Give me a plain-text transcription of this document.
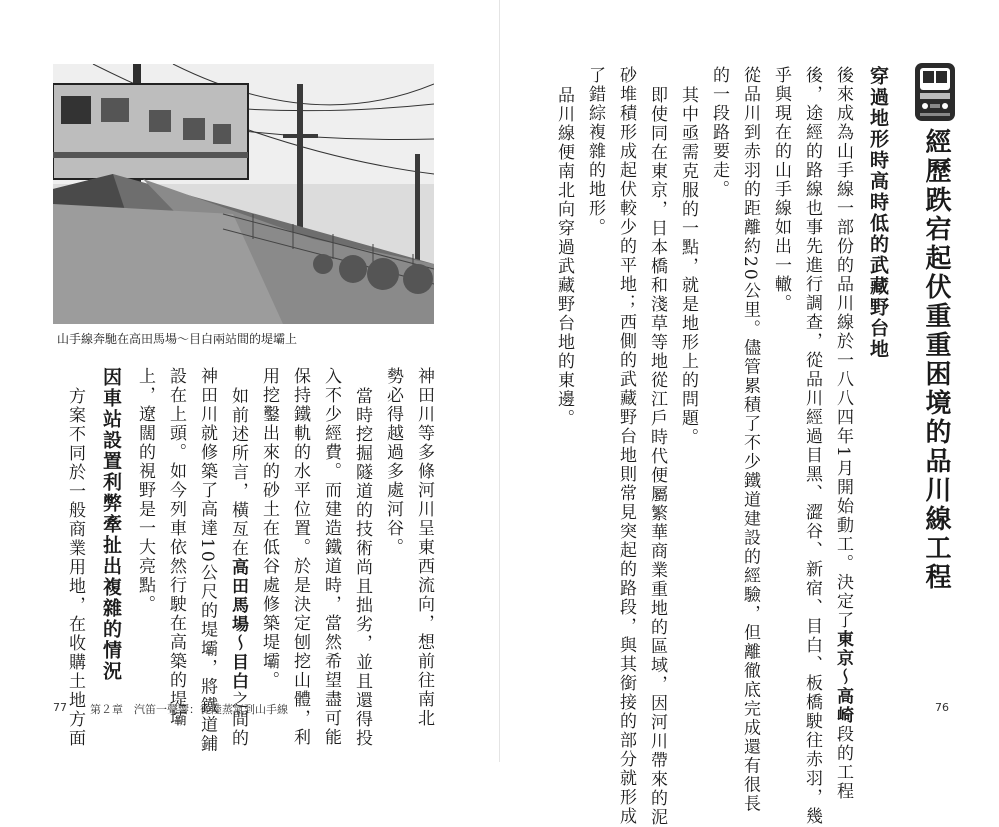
經歷跌宕起伏重重困境的品川線工程
穿過地形時高時低的武藏野台地
後來成為山手線一部份的品川線於一八八四年1月開始動工。決定了東京～高崎段的工程
後，途經的路線也事先進行調查，從品川經過目黑、澀谷、新宿、目白、板橋駛往赤羽，幾
乎與現在的山手線如出一轍。
從品川到赤羽的距離約20公里。儘管累積了不少鐵道建設的經驗，但離徹底完成還有很長
的一段路要走。
其中亟需克服的一點，就是地形上的問題。
即使同在東京，日本橋和淺草等地從江戶時代便屬繁華商業重地的區域，因河川帶來的泥
砂堆積形成起伏較少的平地；西側的武藏野台地則常見突起的路段，與其銜接的部分就形成
了錯綜複雜的地形。
品川線便南北向穿過武藏野台地的東邊。
山手線奔馳在高田馬場～目白兩站間的堤壩上
神田川等多條河川呈東西流向，想前往南北
勢必得越過多處河谷。
當時挖掘隧道的技術尚且拙劣，並且還得投
入不少經費。而建造鐵道時，當然希望盡可能
保持鐵軌的水平位置。於是決定刨挖山體，利
用挖鑿出來的砂土在低谷處修築堤壩。
如前述所言，橫亙在高田馬場～目白之間的
神田川就修築了高達10公尺的堤壩，將鐵道鋪
設在上頭。如今列車依然行駛在高築的堤壩
上，遼闊的視野是一大亮點。
因車站設置利弊牽扯出複雜的情況
方案不同於一般商業用地，在收購土地方面
77 第２章　汽笛一聲響：從陸蒸氣到山手線	76
